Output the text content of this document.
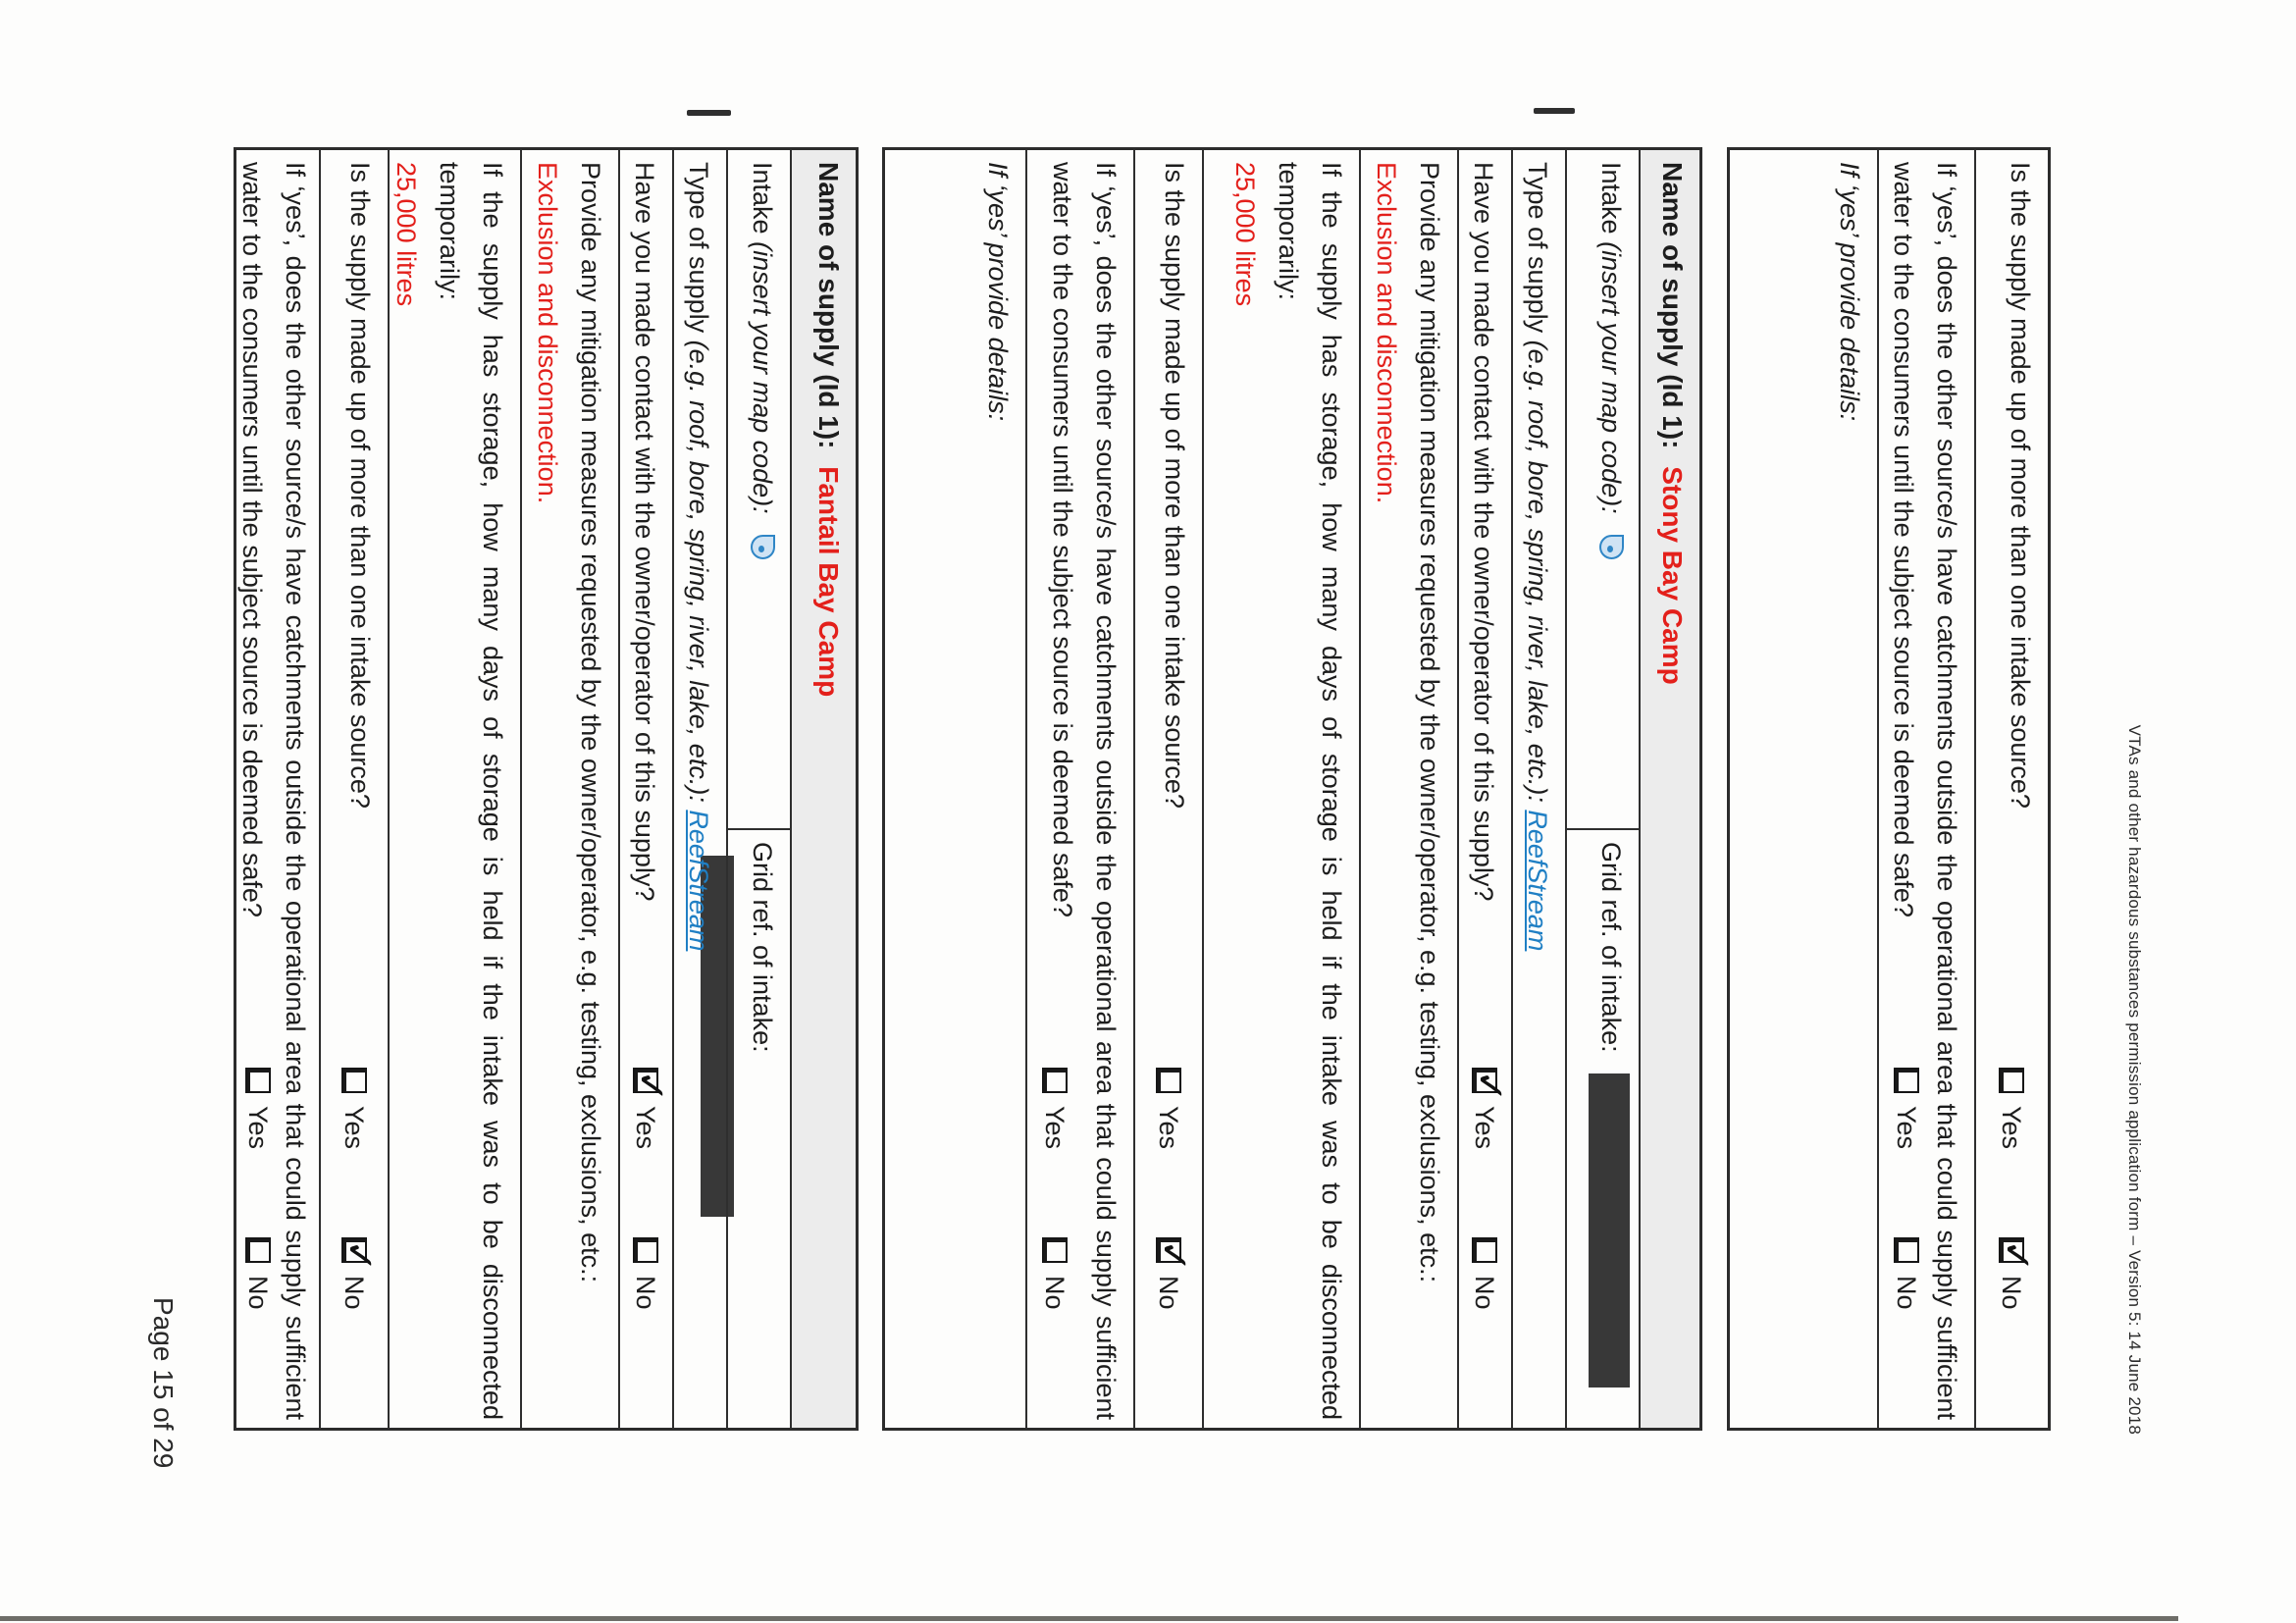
VTAs and other hazardous substances permission application form – Version 5: 14 June 2018
Is the supply made up of more than one intake source?
Yes
✓
No
If ‘yes’, does the other source/s have catchments outside the operational area that could supply sufficient water to the consumers until the subject source is deemed safe?
Yes
No
If ‘yes’ provide details:
Name of supply (Id 1): Stony Bay Camp
Intake (insert your map code):
Grid ref. of intake:
Type of supply (e.g. roof, bore, spring, river, lake, etc.): ReefStream
Have you made contact with the owner/operator of this supply?
✓
Yes
No
Provide any mitigation measures requested by the owner/operator, e.g. testing, exclusions, etc.:
Exclusion and disconnection.
If the supply has storage, how many days of storage is held if the intake was to be disconnected temporarily:
25,000 litres
Is the supply made up of more than one intake source?
Yes
✓
No
If ‘yes’, does the other source/s have catchments outside the operational area that could supply sufficient water to the consumers until the subject source is deemed safe?
Yes
No
If ‘yes’ provide details:
Name of supply (Id 1): Fantail Bay Camp
Intake (insert your map code):
Grid ref. of intake:
Type of supply (e.g. roof, bore, spring, river, lake, etc.): ReefStream
Have you made contact with the owner/operator of this supply?
✓
Yes
No
Provide any mitigation measures requested by the owner/operator, e.g. testing, exclusions, etc.:
Exclusion and disconnection.
If the supply has storage, how many days of storage is held if the intake was to be disconnected temporarily:
25,000 litres
Is the supply made up of more than one intake source?
Yes
✓
No
If ‘yes’, does the other source/s have catchments outside the operational area that could supply sufficient water to the consumers until the subject source is deemed safe?
Yes
No
Page 15 of 29
